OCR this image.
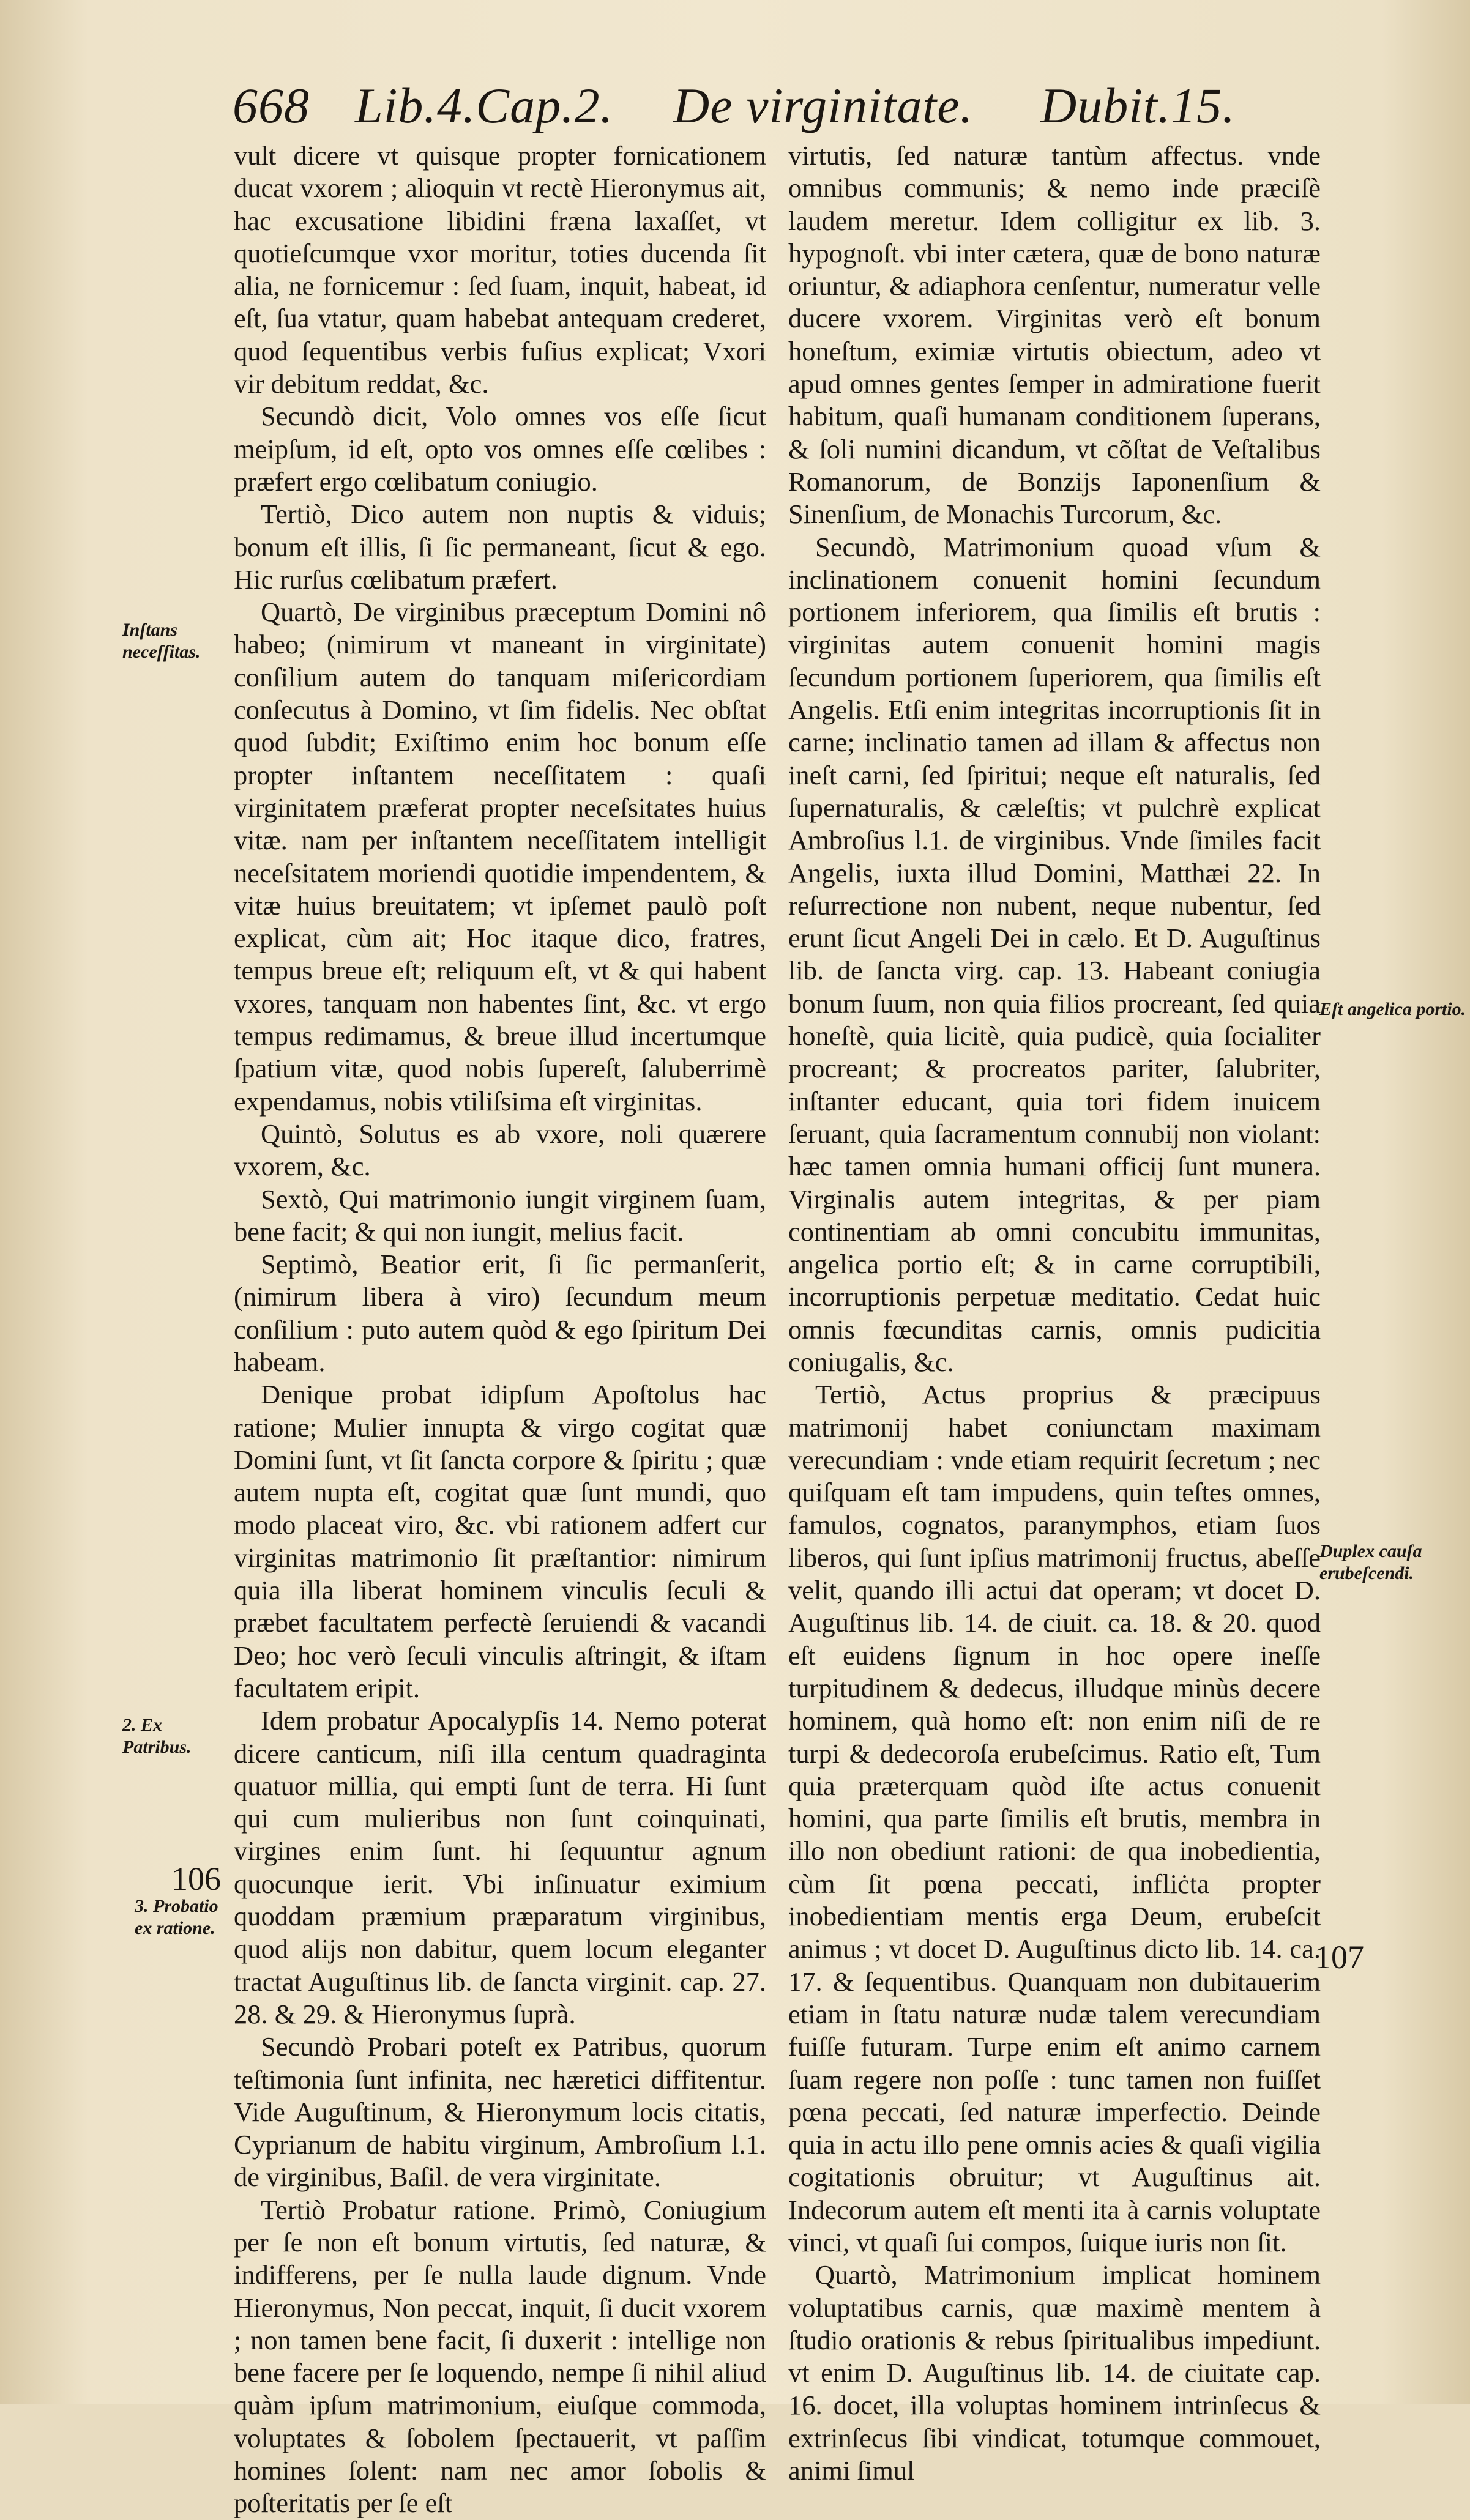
668 Lib.4.Cap.2. De virginitate. Dubit.15.

vult dicere vt quisque propter fornicationem ducat vxorem ; alioquin vt rectè Hieronymus ait, hac excusatione libidini fræna laxaſſet, vt quotieſcumque vxor moritur, toties ducenda ſit alia, ne fornicemur : ſed ſuam, inquit, habeat, id eſt, ſua vtatur, quam habebat antequam crederet, quod ſequentibus verbis fuſius explicat; Vxori vir debitum reddat, &c.

Secundò dicit, Volo omnes vos eſſe ſicut meipſum, id eſt, opto vos omnes eſſe cœlibes : præfert ergo cœlibatum coniugio.

Tertiò, Dico autem non nuptis & viduis; bonum eſt illis, ſi ſic permaneant, ſicut & ego. Hic rurſus cœlibatum præfert.

Quartò, De virginibus præceptum Domini nô habeo; (nimirum vt maneant in virginitate) conſilium autem do tanquam miſericordiam conſecutus à Domino, vt ſim fidelis. Nec obſtat quod ſubdit; Exiſtimo enim hoc bonum eſſe propter inſtantem neceſſitatem : quaſi virginitatem præferat propter neceſsitates huius vitæ. nam per inſtantem neceſſitatem intelligit neceſsitatem moriendi quotidie impendentem, & vitæ huius breuitatem; vt ipſemet paulò poſt explicat, cùm ait; Hoc itaque dico, fratres, tempus breue eſt; reliquum eſt, vt & qui habent vxores, tanquam non habentes ſint, &c. vt ergo tempus redimamus, & breue illud incertumque ſpatium vitæ, quod nobis ſupereſt, ſaluberrimè expendamus, nobis vtiliſsima eſt virginitas.

Quintò, Solutus es ab vxore, noli quærere vxorem, &c.

Sextò, Qui matrimonio iungit virginem ſuam, bene facit; & qui non iungit, melius facit.

Septimò, Beatior erit, ſi ſic permanſerit, (nimirum libera à viro) ſecundum meum conſilium : puto autem quòd & ego ſpiritum Dei habeam.

Denique probat idipſum Apoſtolus hac ratione; Mulier innupta & virgo cogitat quæ Domini ſunt, vt ſit ſancta corpore & ſpiritu ; quæ autem nupta eſt, cogitat quæ ſunt mundi, quo modo placeat viro, &c. vbi rationem adfert cur virginitas matrimonio ſit præſtantior: nimirum quia illa liberat hominem vinculis ſeculi & præbet facultatem perfectè ſeruiendi & vacandi Deo; hoc verò ſeculi vinculis aſtringit, & iſtam facultatem eripit.

Idem probatur Apocalypſis 14. Nemo poterat dicere canticum, niſi illa centum quadraginta quatuor millia, qui empti ſunt de terra. Hi ſunt qui cum mulieribus non ſunt coinquinati, virgines enim ſunt. hi ſequuntur agnum quocunque ierit. Vbi inſinuatur eximium quoddam præmium præparatum virginibus, quod alijs non dabitur, quem locum eleganter tractat Auguſtinus lib. de ſancta virginit. cap. 27. 28. & 29. & Hieronymus ſuprà.

Secundò Probari poteſt ex Patribus, quorum teſtimonia ſunt infinita, nec hæretici diffitentur. Vide Auguſtinum, & Hieronymum locis citatis, Cyprianum de habitu virginum, Ambroſium l.1. de virginibus, Baſil. de vera virginitate.

Tertiò Probatur ratione. Primò, Coniugium per ſe non eſt bonum virtutis, ſed naturæ, & indifferens, per ſe nulla laude dignum. Vnde Hieronymus, Non peccat, inquit, ſi ducit vxorem ; non tamen bene facit, ſi duxerit : intellige non bene facere per ſe loquendo, nempe ſi nihil aliud quàm ipſum matrimonium, eiuſque commoda, voluptates & ſobolem ſpectauerit, vt paſſim homines ſolent: nam nec amor ſobolis & poſteritatis per ſe eſt

virtutis, ſed naturæ tantùm affectus. vnde omnibus communis; & nemo inde præciſè laudem meretur. Idem colligitur ex lib. 3. hypognoſt. vbi inter cætera, quæ de bono naturæ oriuntur, & adiaphora cenſentur, numeratur velle ducere vxorem. Virginitas verò eſt bonum honeſtum, eximiæ virtutis obiectum, adeo vt apud omnes gentes ſemper in admiratione fuerit habitum, quaſi humanam conditionem ſuperans, & ſoli numini dicandum, vt cõſtat de Veſtalibus Romanorum, de Bonzijs Iaponenſium & Sinenſium, de Monachis Turcorum, &c.

Secundò, Matrimonium quoad vſum & inclinationem conuenit homini ſecundum portionem inferiorem, qua ſimilis eſt brutis : virginitas autem conuenit homini magis ſecundum portionem ſuperiorem, qua ſimilis eſt Angelis. Etſi enim integritas incorruptionis ſit in carne; inclinatio tamen ad illam & affectus non ineſt carni, ſed ſpiritui; neque eſt naturalis, ſed ſupernaturalis, & cæleſtis; vt pulchrè explicat Ambroſius l.1. de virginibus. Vnde ſimiles facit Angelis, iuxta illud Domini, Matthæi 22. In reſurrectione non nubent, neque nubentur, ſed erunt ſicut Angeli Dei in cælo. Et D. Auguſtinus lib. de ſancta virg. cap. 13. Habeant coniugia bonum ſuum, non quia filios procreant, ſed quia honeſtè, quia licitè, quia pudicè, quia ſocialiter procreant; & procreatos pariter, ſalubriter, inſtanter educant, quia tori fidem inuicem ſeruant, quia ſacramentum connubij non violant: hæc tamen omnia humani officij ſunt munera. Virginalis autem integritas, & per piam continentiam ab omni concubitu immunitas, angelica portio eſt; & in carne corruptibili, incorruptionis perpetuæ meditatio. Cedat huic omnis fœcunditas carnis, omnis pudicitia coniugalis, &c.

Tertiò, Actus proprius & præcipuus matrimonij habet coniunctam maximam verecundiam : vnde etiam requirit ſecretum ; nec quiſquam eſt tam impudens, quin teſtes omnes, famulos, cognatos, paranymphos, etiam ſuos liberos, qui ſunt ipſius matrimonij fructus, abeſſe velit, quando illi actui dat operam; vt docet D. Auguſtinus lib. 14. de ciuit. ca. 18. & 20. quod eſt euidens ſignum in hoc opere ineſſe turpitudinem & dedecus, illudque minùs decere hominem, quà homo eſt: non enim niſi de re turpi & dedecoroſa erubeſcimus. Ratio eſt, Tum quia præterquam quòd iſte actus conuenit homini, qua parte ſimilis eſt brutis, membra in illo non obediunt rationi: de qua inobedientia, cùm ſit pœna peccati, infliċta propter inobedientiam mentis erga Deum, erubeſcit animus ; vt docet D. Auguſtinus dicto lib. 14. ca. 17. & ſequentibus. Quanquam non dubitauerim etiam in ſtatu naturæ nudæ talem verecundiam fuiſſe futuram. Turpe enim eſt animo carnem ſuam regere non poſſe : tunc tamen non fuiſſet pœna peccati, ſed naturæ imperfectio. Deinde quia in actu illo pene omnis acies & quaſi vigilia cogitationis obruitur; vt Auguſtinus ait. Indecorum autem eſt menti ita à carnis voluptate vinci, vt quaſi ſui compos, ſuique iuris non ſit.

Quartò, Matrimonium implicat hominem voluptatibus carnis, quæ maximè mentem à ſtudio orationis & rebus ſpiritualibus impediunt. vt enim D. Auguſtinus lib. 14. de ciuitate cap. 16. docet, illa voluptas hominem intrinſecus & extrinſecus ſibi vindicat, totumque commouet, animi ſimul

Inſtans neceſſitas.
2. Ex Patribus.
3. Probatio ex ratione.
Eſt angelica portio.
Duplex cauſa erubeſcendi.
106
107
